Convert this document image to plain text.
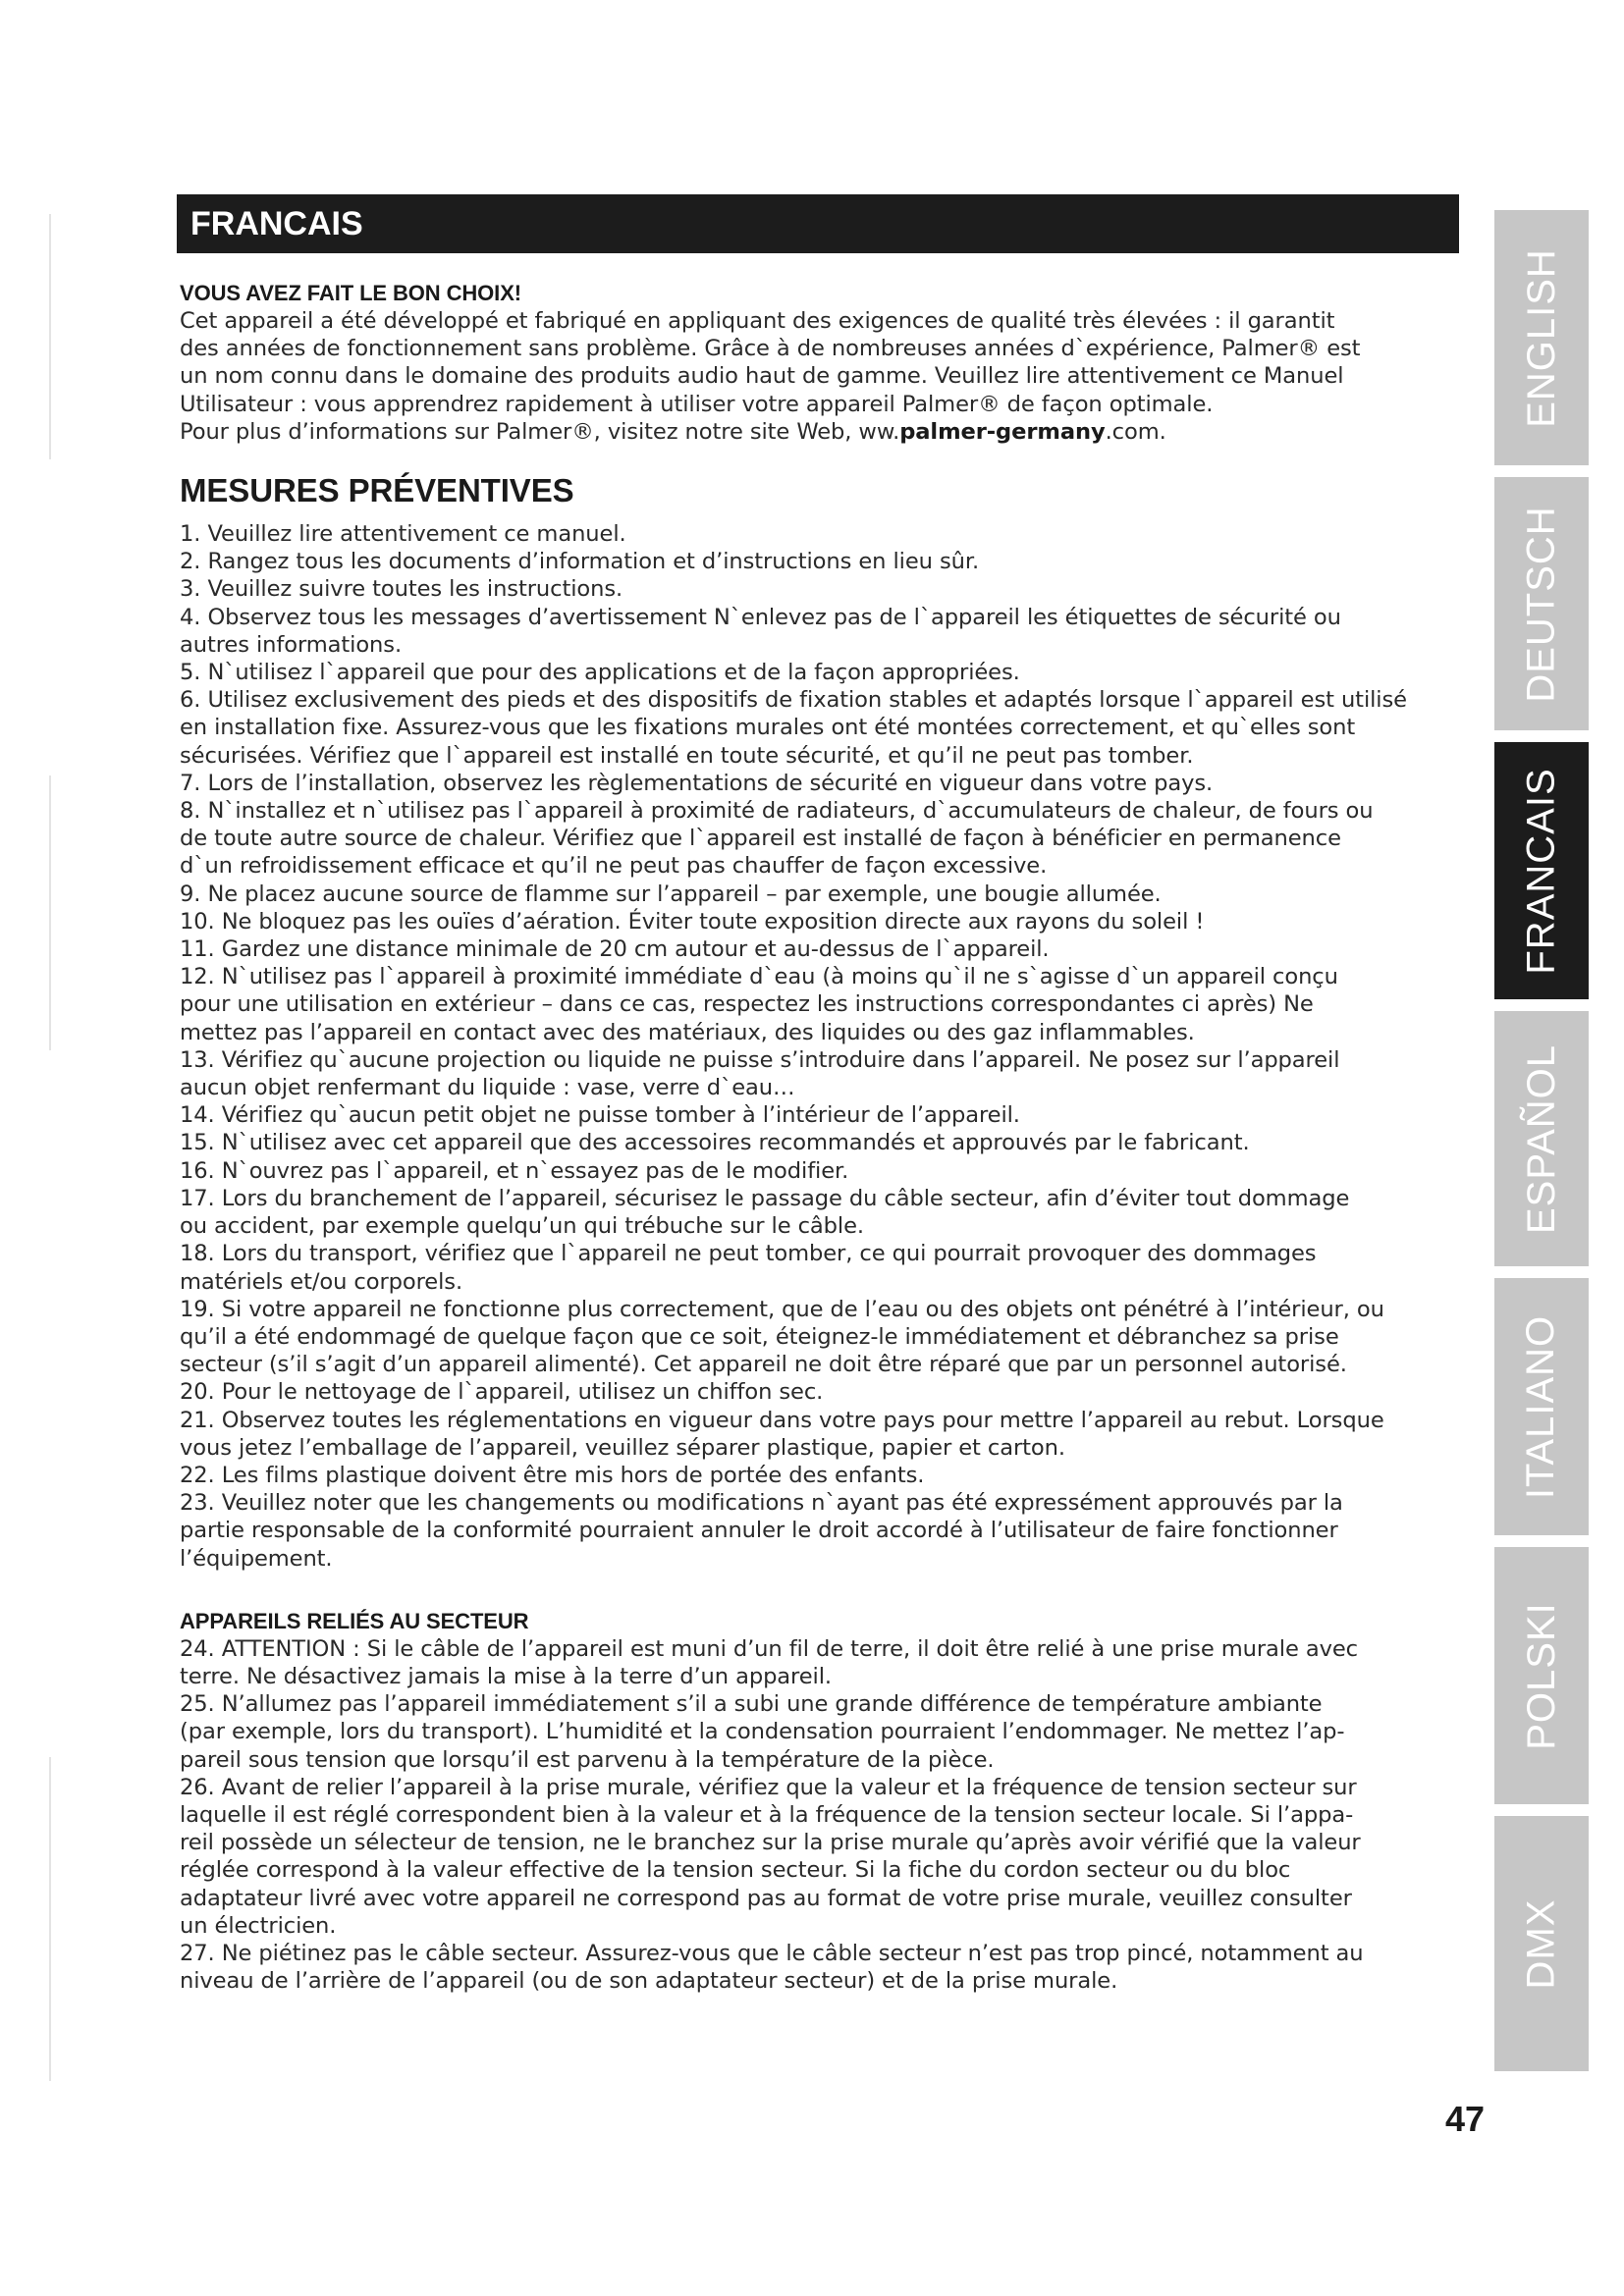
FRANCAIS
VOUS AVEZ FAIT LE BON CHOIX!

Cet appareil a été développé et fabriqué en appliquant des exigences de qualité très élevées : il garantit

des années de fonctionnement sans problème. Grâce à de nombreuses années d`expérience, Palmer® est

un nom connu dans le domaine des produits audio haut de gamme. Veuillez lire attentivement ce Manuel

Utilisateur : vous apprendrez rapidement à utiliser votre appareil Palmer® de façon optimale.

Pour plus d’informations sur Palmer®, visitez notre site Web, ww.palmer-germany.com.

MESURES PRÉVENTIVES

1. Veuillez lire attentivement ce manuel.

2. Rangez tous les documents d’information et d’instructions en lieu sûr.

3. Veuillez suivre toutes les instructions.

4. Observez tous les messages d’avertissement N`enlevez pas de l`appareil les étiquettes de sécurité ou

autres informations.

5. N`utilisez l`appareil que pour des applications et de la façon appropriées.

6. Utilisez exclusivement des pieds et des dispositifs de fixation stables et adaptés lorsque l`appareil est utilisé

en installation fixe. Assurez-vous que les fixations murales ont été montées correctement, et qu`elles sont

sécurisées. Vérifiez que l`appareil est installé en toute sécurité, et qu’il ne peut pas tomber.

7. Lors de l’installation, observez les règlementations de sécurité en vigueur dans votre pays.

8. N`installez et n`utilisez pas l`appareil à proximité de radiateurs, d`accumulateurs de chaleur, de fours ou

de toute autre source de chaleur. Vérifiez que l`appareil est installé de façon à bénéficier en permanence

d`un refroidissement efficace et qu’il ne peut pas chauffer de façon excessive.

9. Ne placez aucune source de flamme sur l’appareil – par exemple, une bougie allumée.

10. Ne bloquez pas les ouïes d’aération. Éviter toute exposition directe aux rayons du soleil !

11. Gardez une distance minimale de 20 cm autour et au-dessus de l`appareil.

12. N`utilisez pas l`appareil à proximité immédiate d`eau (à moins qu`il ne s`agisse d`un appareil conçu

pour une utilisation en extérieur – dans ce cas, respectez les instructions correspondantes ci après) Ne

mettez pas l’appareil en contact avec des matériaux, des liquides ou des gaz inflammables.

13. Vérifiez qu`aucune projection ou liquide ne puisse s’introduire dans l’appareil. Ne posez sur l’appareil

aucun objet renfermant du liquide : vase, verre d`eau…

14. Vérifiez qu`aucun petit objet ne puisse tomber à l’intérieur de l’appareil.

15. N`utilisez avec cet appareil que des accessoires recommandés et approuvés par le fabricant.

16. N`ouvrez pas l`appareil, et n`essayez pas de le modifier.

17. Lors du branchement de l’appareil, sécurisez le passage du câble secteur, afin d’éviter tout dommage

ou accident, par exemple quelqu’un qui trébuche sur le câble.

18. Lors du transport, vérifiez que l`appareil ne peut tomber, ce qui pourrait provoquer des dommages

matériels et/ou corporels.

19. Si votre appareil ne fonctionne plus correctement, que de l’eau ou des objets ont pénétré à l’intérieur, ou

qu’il a été endommagé de quelque façon que ce soit, éteignez-le immédiatement et débranchez sa prise

secteur (s’il s’agit d’un appareil alimenté). Cet appareil ne doit être réparé que par un personnel autorisé.

20. Pour le nettoyage de l`appareil, utilisez un chiffon sec.

21. Observez toutes les réglementations en vigueur dans votre pays pour mettre l’appareil au rebut. Lorsque

vous jetez l’emballage de l’appareil, veuillez séparer plastique, papier et carton.

22. Les films plastique doivent être mis hors de portée des enfants.

23. Veuillez noter que les changements ou modifications n`ayant pas été expressément approuvés par la

partie responsable de la conformité pourraient annuler le droit accordé à l’utilisateur de faire fonctionner

l’équipement.

APPAREILS RELIÉS AU SECTEUR

24. ATTENTION : Si le câble de l’appareil est muni d’un fil de terre, il doit être relié à une prise murale avec

terre. Ne désactivez jamais la mise à la terre d’un appareil.

25. N’allumez pas l’appareil immédiatement s’il a subi une grande différence de température ambiante

(par exemple, lors du transport). L’humidité et la condensation pourraient l’endommager. Ne mettez l’ap-

pareil sous tension que lorsqu’il est parvenu à la température de la pièce.

26. Avant de relier l’appareil à la prise murale, vérifiez que la valeur et la fréquence de tension secteur sur

laquelle il est réglé correspondent bien à la valeur et à la fréquence de la tension secteur locale. Si l’appa-

reil possède un sélecteur de tension, ne le branchez sur la prise murale qu’après avoir vérifié que la valeur

réglée correspond à la valeur effective de la tension secteur. Si la fiche du cordon secteur ou du bloc

adaptateur livré avec votre appareil ne correspond pas au format de votre prise murale, veuillez consulter

un électricien.

27. Ne piétinez pas le câble secteur. Assurez-vous que le câble secteur n’est pas trop pincé, notamment au

niveau de l’arrière de l’appareil (ou de son adaptateur secteur) et de la prise murale.

ENGLISH
DEUTSCH
FRANCAIS
ESPAÑOL
ITALIANO
POLSKI
DMX
47
